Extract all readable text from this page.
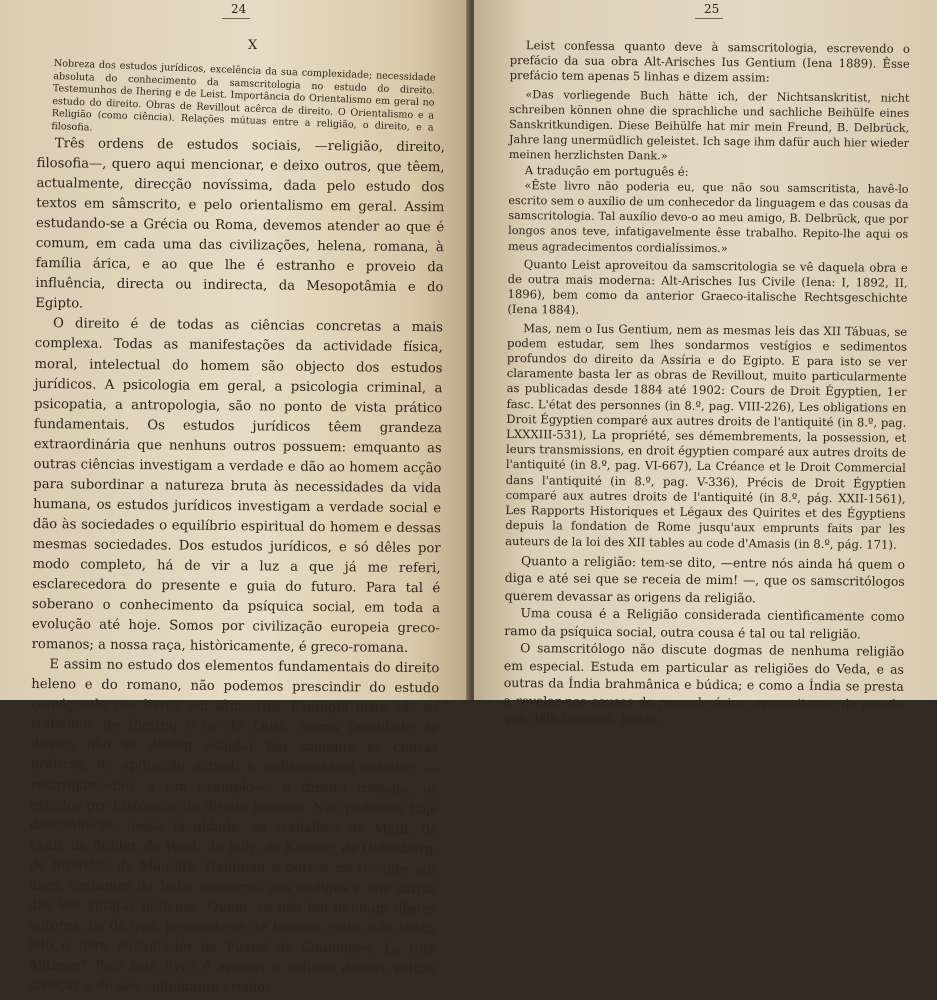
24
X

Nobreza dos estudos jurídicos, excelência da sua complexidade; necessidade absoluta do conhecimento da samscritologia no estudo do direito. Testemunhos de Ihering e de Leist. Importância do Orientalismo em geral no estudo do direito. Obras de Revillout acêrca de direito. O Orientalismo e a Religião (como ciência). Relações mútuas entre a religião, o direito, e a filosofia.

Três ordens de estudos sociais, —religião, direito, filosofia—, quero aqui mencionar, e deixo outros, que têem, actualmente, direcção novíssima, dada pelo estudo dos textos em sâmscrito, e pelo orientalismo em geral. Assim estudando-se a Grécia ou Roma, devemos atender ao que é comum, em cada uma das civilizações, helena, romana, à família árica, e ao que lhe é estranho e proveio da influência, directa ou indirecta, da Mesopotâmia e do Egipto.

O direito é de todas as ciências concretas a mais complexa. Todas as manifestações da actividade física, moral, intelectual do homem são objecto dos estudos jurídicos. A psicologia em geral, a psicologia criminal, a psicopatia, a antropologia, são no ponto de vista prático fundamentais. Os estudos jurídicos têem grandeza extraordinária que nenhuns outros possuem: emquanto as outras ciências investigam a verdade e dão ao homem acção para subordinar a natureza bruta às necessidades da vida humana, os estudos jurídicos investigam a verdade social e dão às sociedades o equilíbrio espiritual do homem e dessas mesmas sociedades. Dos estudos jurídicos, e só dêles por modo completo, há de vir a luz a que já me referi, esclarecedora do presente e guia do futuro. Para tal é soberano o conhecimento da psíquica social, em toda a evolução até hoje. Somos por civilização europeia greco-romanos; a nossa raça, històricamente, é greco-romana.

E assim no estudo dos elementos fundamentais do direito heleno e do romano, não podemos prescindir do estudo consignado nos livros em sâmscrito. Exemplo disto são os trabalhos de Ihering e os de Leist. Numa faculdade de direito não se devem estudar tão sòmente as cousas práticas, de aplicação actual; é indispensável estudar, —restrinjamo-nos a um exemplo—, o direito romano, os estudos pré-históricos do direito romano. Não podemos hoje desconhecer, nessa faculdade, os trabalhos de Main, de Lyall, de Bühler, de West, de Jolly, de Knauer, de Oldenberg, de Stenzler, de Mandlik, Dahlman e outros no tocante aos usos, costumes da Índia moderna, aos códigos e aos sutras das leis antigas indianas. Quem, se não leu nenhum dêstes autores, há de que, prezando-se de homem culto, não tenha lido o livro encantador de Fustel de Coulanges, La Cité Antique? Pois êste livro é apenas o reflexo dessas velhas crenças e do seu culminante criador.

25

Leist confessa quanto deve à samscritologia, escrevendo o prefácio da sua obra Alt-Arisches Ius Gentium (Iena 1889). Êsse prefácio tem apenas 5 linhas e dizem assim:

«Das vorliegende Buch hätte ich, der Nichtsanskritist, nicht schreiben können ohne die sprachliche und sachliche Beihülfe eines Sanskritkundigen. Diese Beihülfe hat mir mein Freund, B. Delbrück, Jahre lang unermüdlich geleistet. Ich sage ihm dafür auch hier wieder meinen herzlichsten Dank.»

A tradução em português é:

«Êste livro não poderia eu, que não sou samscritista, havê-lo escrito sem o auxílio de um conhecedor da linguagem e das cousas da samscritologia. Tal auxílio devo-o ao meu amigo, B. Delbrück, que por longos anos teve, infatigavelmente êsse trabalho. Repito-lhe aqui os meus agradecimentos cordialíssimos.»

Quanto Leist aproveitou da samscritologia se vê daquela obra e de outra mais moderna: Alt-Arisches Ius Civile (Iena: I, 1892, II, 1896), bem como da anterior Graeco-italische Rechtsgeschichte (Iena 1884).

Mas, nem o Ius Gentium, nem as mesmas leis das XII Tábuas, se podem estudar, sem lhes sondarmos vestígios e sedimentos profundos do direito da Assíria e do Egipto. E para isto se ver claramente basta ler as obras de Revillout, muito particularmente as publicadas desde 1884 até 1902: Cours de Droit Égyptien, 1er fasc. L'état des personnes (in 8.º, pag. VIII-226), Les obligations en Droit Égyptien comparé aux autres droits de l'antiquité (in 8.º, pag. LXXXIII-531), La propriété, ses démembrements, la possession, et leurs transmissions, en droit égyptien comparé aux autres droits de l'antiquité (in 8.º, pag. VI-667), La Créance et le Droit Commercial dans l'antiquité (in 8.º, pag. V-336), Précis de Droit Égyptien comparé aux autres droits de l'antiquité (in 8.º, pág. XXII-1561), Les Rapports Historiques et Légaux des Quirites et des Égyptiens depuis la fondation de Rome jusqu'aux emprunts faits par les auteurs de la loi des XII tables au code d'Amasis (in 8.º, pág. 171).

Quanto a religião: tem-se dito, —entre nós ainda há quem o diga e até sei que se receia de mim! —, que os samscritólogos querem devassar as origens da religião.

Uma cousa é a Religião considerada cientìficamente como ramo da psíquica social, outra cousa é tal ou tal religião.

O samscritólogo não discute dogmas de nenhuma religião em especial. Estuda em particular as religiões do Veda, e as outras da Índia brahmânica e búdica; e como a Índia se presta a revelar-nos cousas do passado árico, aproveitamo, do estudo que dela fazemos, factos
